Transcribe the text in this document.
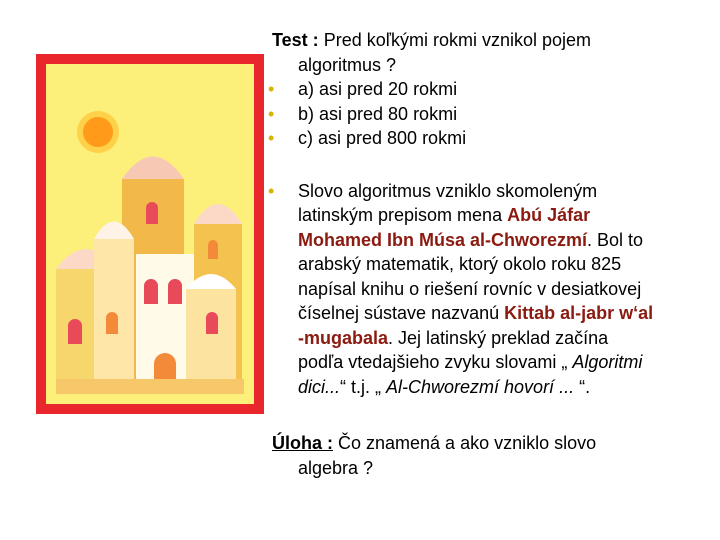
Test : Pred koľkými rokmi vznikol pojem
algoritmus ?
• a) asi pred 20 rokmi
• b) asi pred 80 rokmi
• c) asi pred 800 rokmi
• Slovo algoritmus vzniklo skomoleným
latinským prepisom mena Abú Jáfar
Mohamed Ibn Músa al-Chworezmí. Bol to
arabský matematik, ktorý okolo roku 825
napísal knihu o riešení rovníc v desiatkovej
číselnej sústave nazvanú Kittab al-jabr w‘al
-mugabala. Jej latinský preklad začína
podľa vtedajšieho zvyku slovami „ Algoritmi
dici...“ t.j. „ Al-Chworezmí hovorí ... “.
Úloha : Čo znamená a ako vzniklo slovo
algebra ?
